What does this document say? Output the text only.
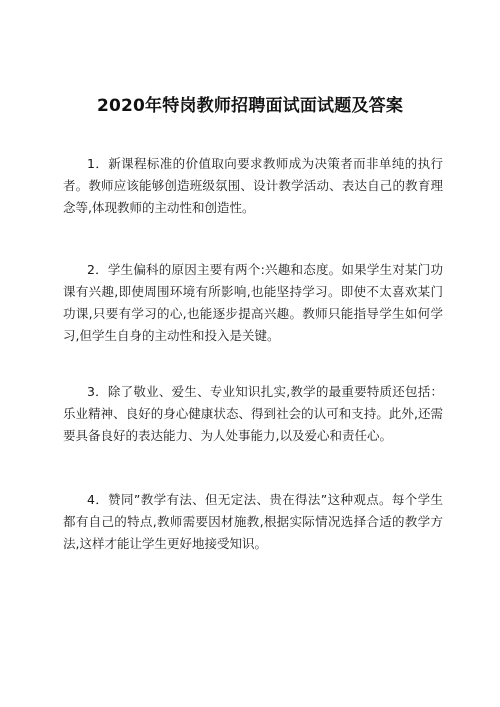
2020年特岗教师招聘面试面试题及答案

1．新课程标准的价值取向要求教师成为决策者而非单纯的执行者。教师应该能够创造班级氛围、设计教学活动、表达自己的教育理念等,体现教师的主动性和创造性。

2．学生偏科的原因主要有两个:兴趣和态度。如果学生对某门功课有兴趣,即使周围环境有所影响,也能坚持学习。即使不太喜欢某门功课,只要有学习的心,也能逐步提高兴趣。教师只能指导学生如何学习,但学生自身的主动性和投入是关键。

3．除了敬业、爱生、专业知识扎实,教学的最重要特质还包括：乐业精神、良好的身心健康状态、得到社会的认可和支持。此外,还需要具备良好的表达能力、为人处事能力,以及爱心和责任心。

4．赞同”教学有法、但无定法、贵在得法”这种观点。每个学生都有自己的特点,教师需要因材施教,根据实际情况选择合适的教学方法,这样才能让学生更好地接受知识。
